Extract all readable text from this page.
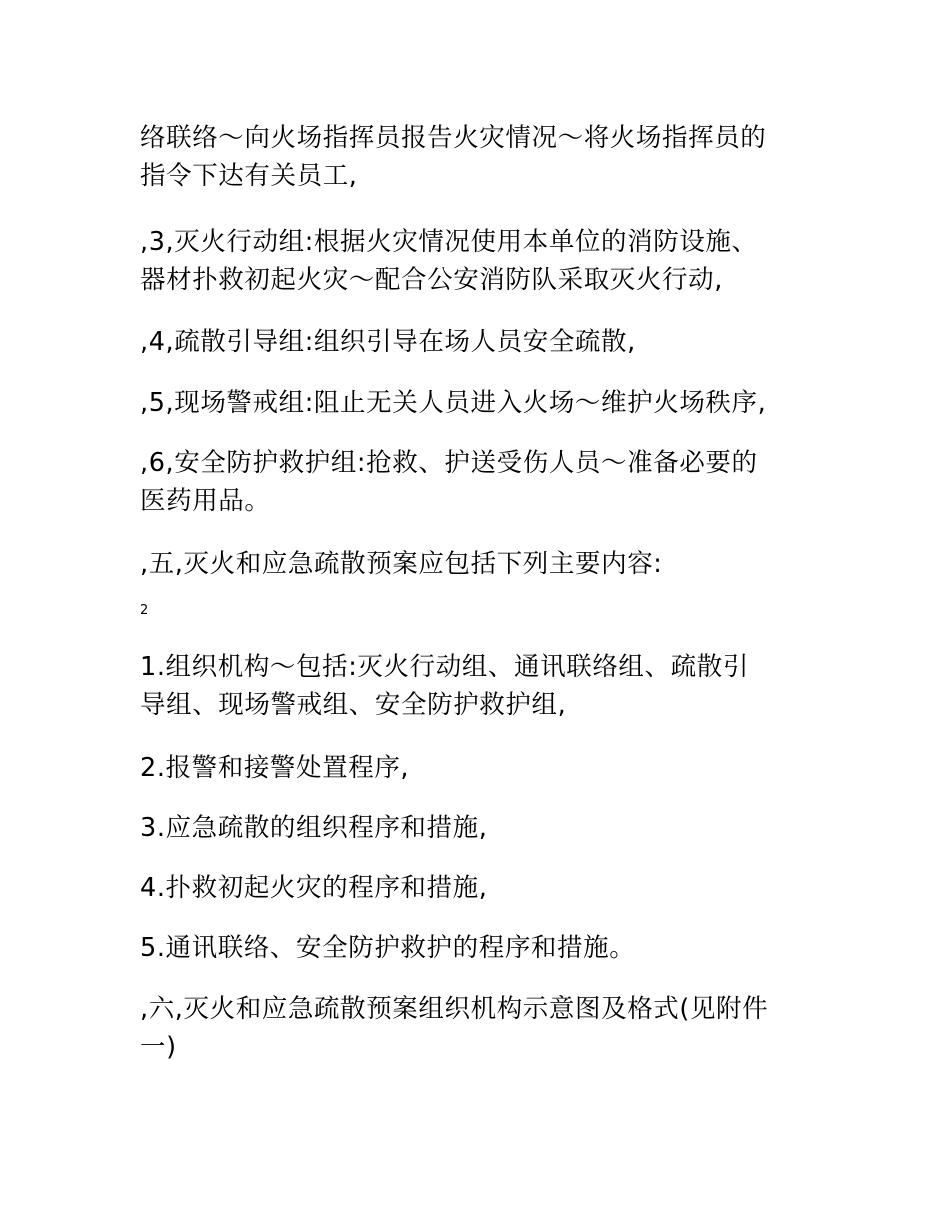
络联络～向火场指挥员报告火灾情况～将火场指挥员的
指令下达有关员工,

,3,灭火行动组:根据火灾情况使用本单位的消防设施、
器材扑救初起火灾～配合公安消防队采取灭火行动,

,4,疏散引导组:组织引导在场人员安全疏散,

,5,现场警戒组:阻止无关人员进入火场～维护火场秩序,

,6,安全防护救护组:抢救、护送受伤人员～准备必要的
医药用品。

,五,灭火和应急疏散预案应包括下列主要内容:

2

1.组织机构～包括:灭火行动组、通讯联络组、疏散引
导组、现场警戒组、安全防护救护组,

2.报警和接警处置程序,

3.应急疏散的组织程序和措施,

4.扑救初起火灾的程序和措施,

5.通讯联络、安全防护救护的程序和措施。

,六,灭火和应急疏散预案组织机构示意图及格式(见附件
一)
